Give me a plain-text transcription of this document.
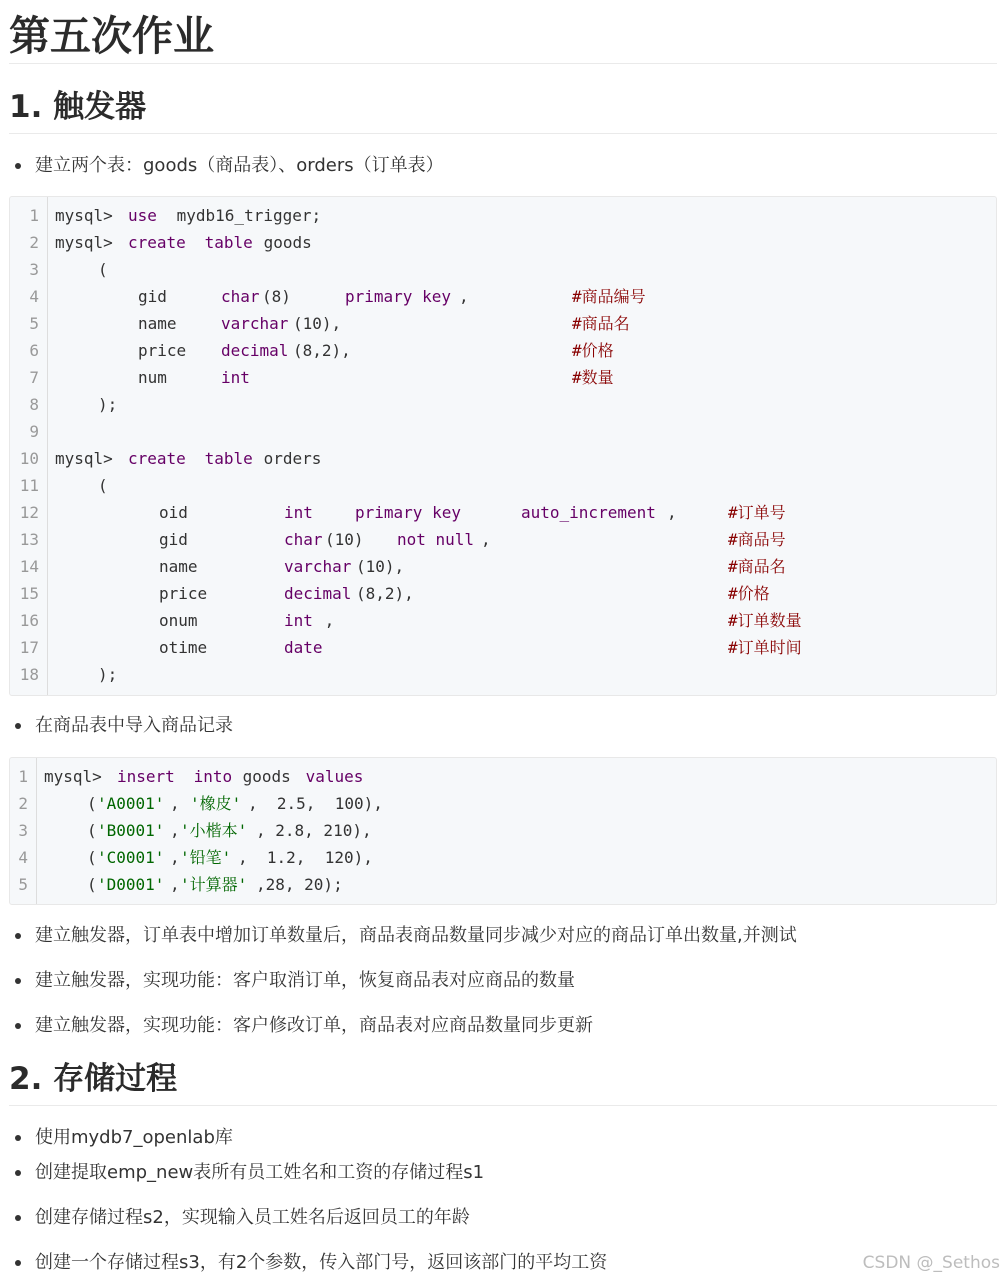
第五次作业
1. 触发器
建立两个表：goods（商品表）、orders（订单表）
1 mysql> use mydb16_trigger;
2 mysql> create table goods
3	(
4	gid	char (8)	primary key ,	#商品编号
5	name	varchar (10),	#商品名
6	price decimal (8,2),	#价格
7	num	int	#数量
8	);
9
10 mysql> create table orders
11	(
12	oid	int	primary key	auto_increment ,	#订单号
13	gid	char (10) not null ,	#商品号
14	name	varchar (10),	#商品名
15	price	decimal (8,2),	#价格
16	onum	int ,	#订单数量
17	otime	date	#订单时间
18	);
在商品表中导入商品记录
1 mysql> insert into goods values
2	( 'A0001' , '橡皮' ,  2.5,  100),
3	( 'B0001' , '小楷本' , 2.8, 210),
4	( 'C0001' , '铅笔' ,  1.2,  120),
5	( 'D0001' , '计算器' ,28, 20);
建立触发器，订单表中增加订单数量后，商品表商品数量同步减少对应的商品订单出数量,并测试
建立触发器，实现功能：客户取消订单，恢复商品表对应商品的数量
建立触发器，实现功能：客户修改订单，商品表对应商品数量同步更新
2. 存储过程
使用mydb7_openlab库
创建提取emp_new表所有员工姓名和工资的存储过程s1
创建存储过程s2，实现输入员工姓名后返回员工的年龄
创建一个存储过程s3，有2个参数，传入部门号，返回该部门的平均工资	CSDN @_Sethos
